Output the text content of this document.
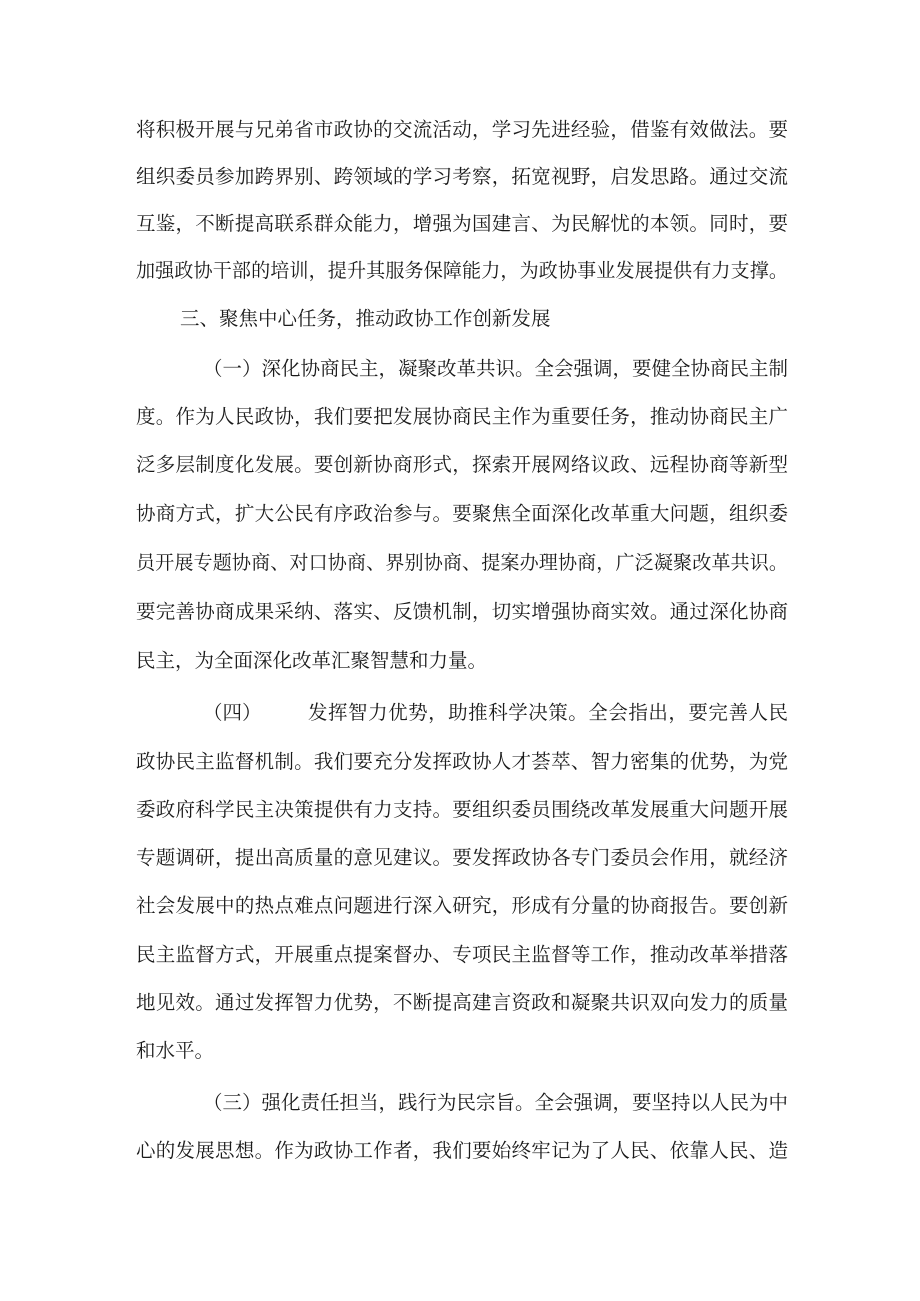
将积极开展与兄弟省市政协的交流活动，学习先进经验，借鉴有效做法。要
组织委员参加跨界别、跨领域的学习考察，拓宽视野，启发思路。通过交流
互鉴，不断提高联系群众能力，增强为国建言、为民解忧的本领。同时，要
加强政协干部的培训，提升其服务保障能力，为政协事业发展提供有力支撑。
三、聚焦中心任务，推动政协工作创新发展
（一）深化协商民主，凝聚改革共识。全会强调，要健全协商民主制
度。作为人民政协，我们要把发展协商民主作为重要任务，推动协商民主广
泛多层制度化发展。要创新协商形式，探索开展网络议政、远程协商等新型
协商方式，扩大公民有序政治参与。要聚焦全面深化改革重大问题，组织委
员开展专题协商、对口协商、界别协商、提案办理协商，广泛凝聚改革共识。
要完善协商成果采纳、落实、反馈机制，切实增强协商实效。通过深化协商
民主，为全面深化改革汇聚智慧和力量。
（四） 发挥智力优势，助推科学决策。全会指出，要完善人民
政协民主监督机制。我们要充分发挥政协人才荟萃、智力密集的优势，为党
委政府科学民主决策提供有力支持。要组织委员围绕改革发展重大问题开展
专题调研，提出高质量的意见建议。要发挥政协各专门委员会作用，就经济
社会发展中的热点难点问题进行深入研究，形成有分量的协商报告。要创新
民主监督方式，开展重点提案督办、专项民主监督等工作，推动改革举措落
地见效。通过发挥智力优势，不断提高建言资政和凝聚共识双向发力的质量
和水平。
（三）强化责任担当，践行为民宗旨。全会强调，要坚持以人民为中
心的发展思想。作为政协工作者，我们要始终牢记为了人民、依靠人民、造
